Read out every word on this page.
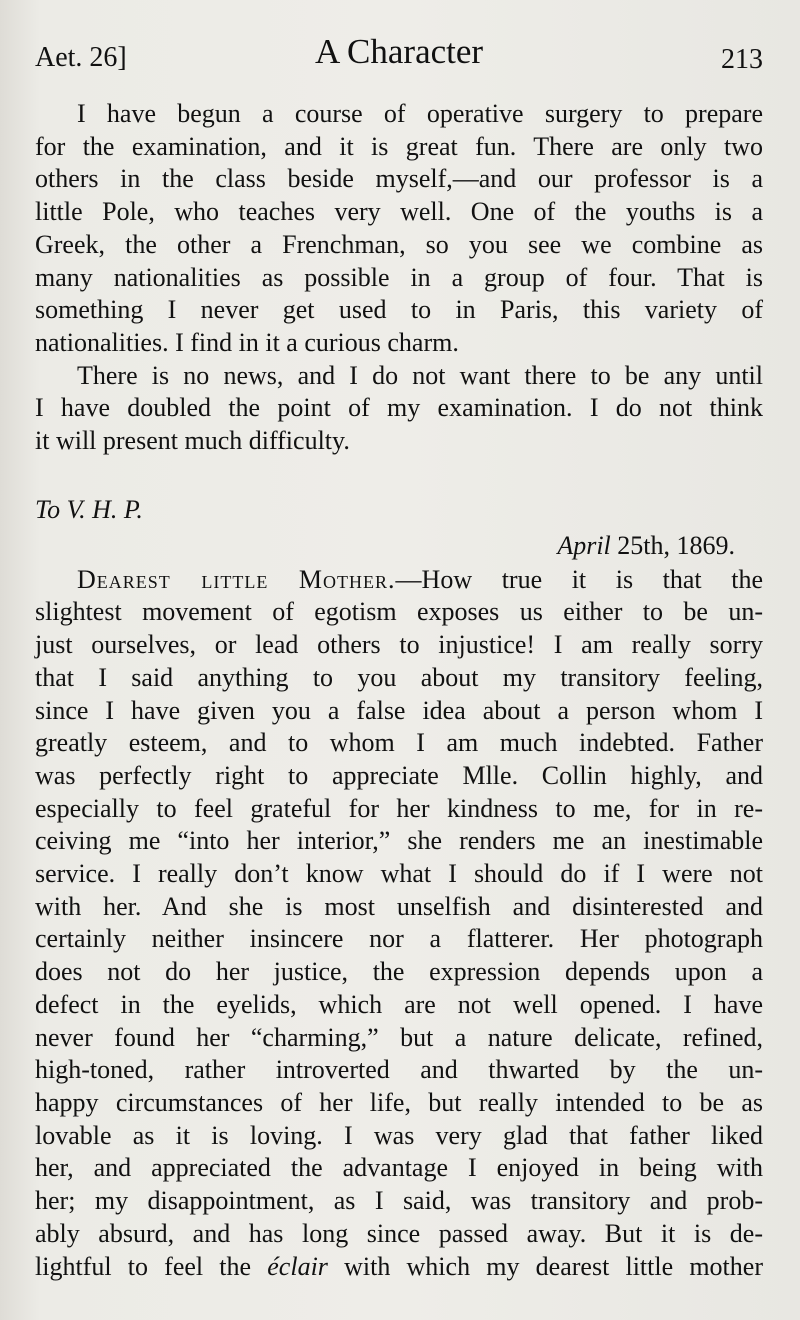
Aet. 26]	A Character	213
I have begun a course of operative surgery to prepare
for the examination, and it is great fun. There are only two
others in the class beside myself,—and our professor is a
little Pole, who teaches very well. One of the youths is a
Greek, the other a Frenchman, so you see we combine as
many nationalities as possible in a group of four. That is
something I never get used to in Paris, this variety of
nationalities. I find in it a curious charm.
There is no news, and I do not want there to be any until
I have doubled the point of my examination. I do not think
it will present much difficulty.
To V. H. P.
April 25th, 1869.
Dearest little Mother.—How true it is that the
slightest movement of egotism exposes us either to be un-
just ourselves, or lead others to injustice! I am really sorry
that I said anything to you about my transitory feeling,
since I have given you a false idea about a person whom I
greatly esteem, and to whom I am much indebted. Father
was perfectly right to appreciate Mlle. Collin highly, and
especially to feel grateful for her kindness to me, for in re-
ceiving me “into her interior,” she renders me an inestimable
service. I really don’t know what I should do if I were not
with her. And she is most unselfish and disinterested and
certainly neither insincere nor a flatterer. Her photograph
does not do her justice, the expression depends upon a
defect in the eyelids, which are not well opened. I have
never found her “charming,” but a nature delicate, refined,
high-toned, rather introverted and thwarted by the un-
happy circumstances of her life, but really intended to be as
lovable as it is loving. I was very glad that father liked
her, and appreciated the advantage I enjoyed in being with
her; my disappointment, as I said, was transitory and prob-
ably absurd, and has long since passed away. But it is de-
lightful to feel the éclair with which my dearest little mother
